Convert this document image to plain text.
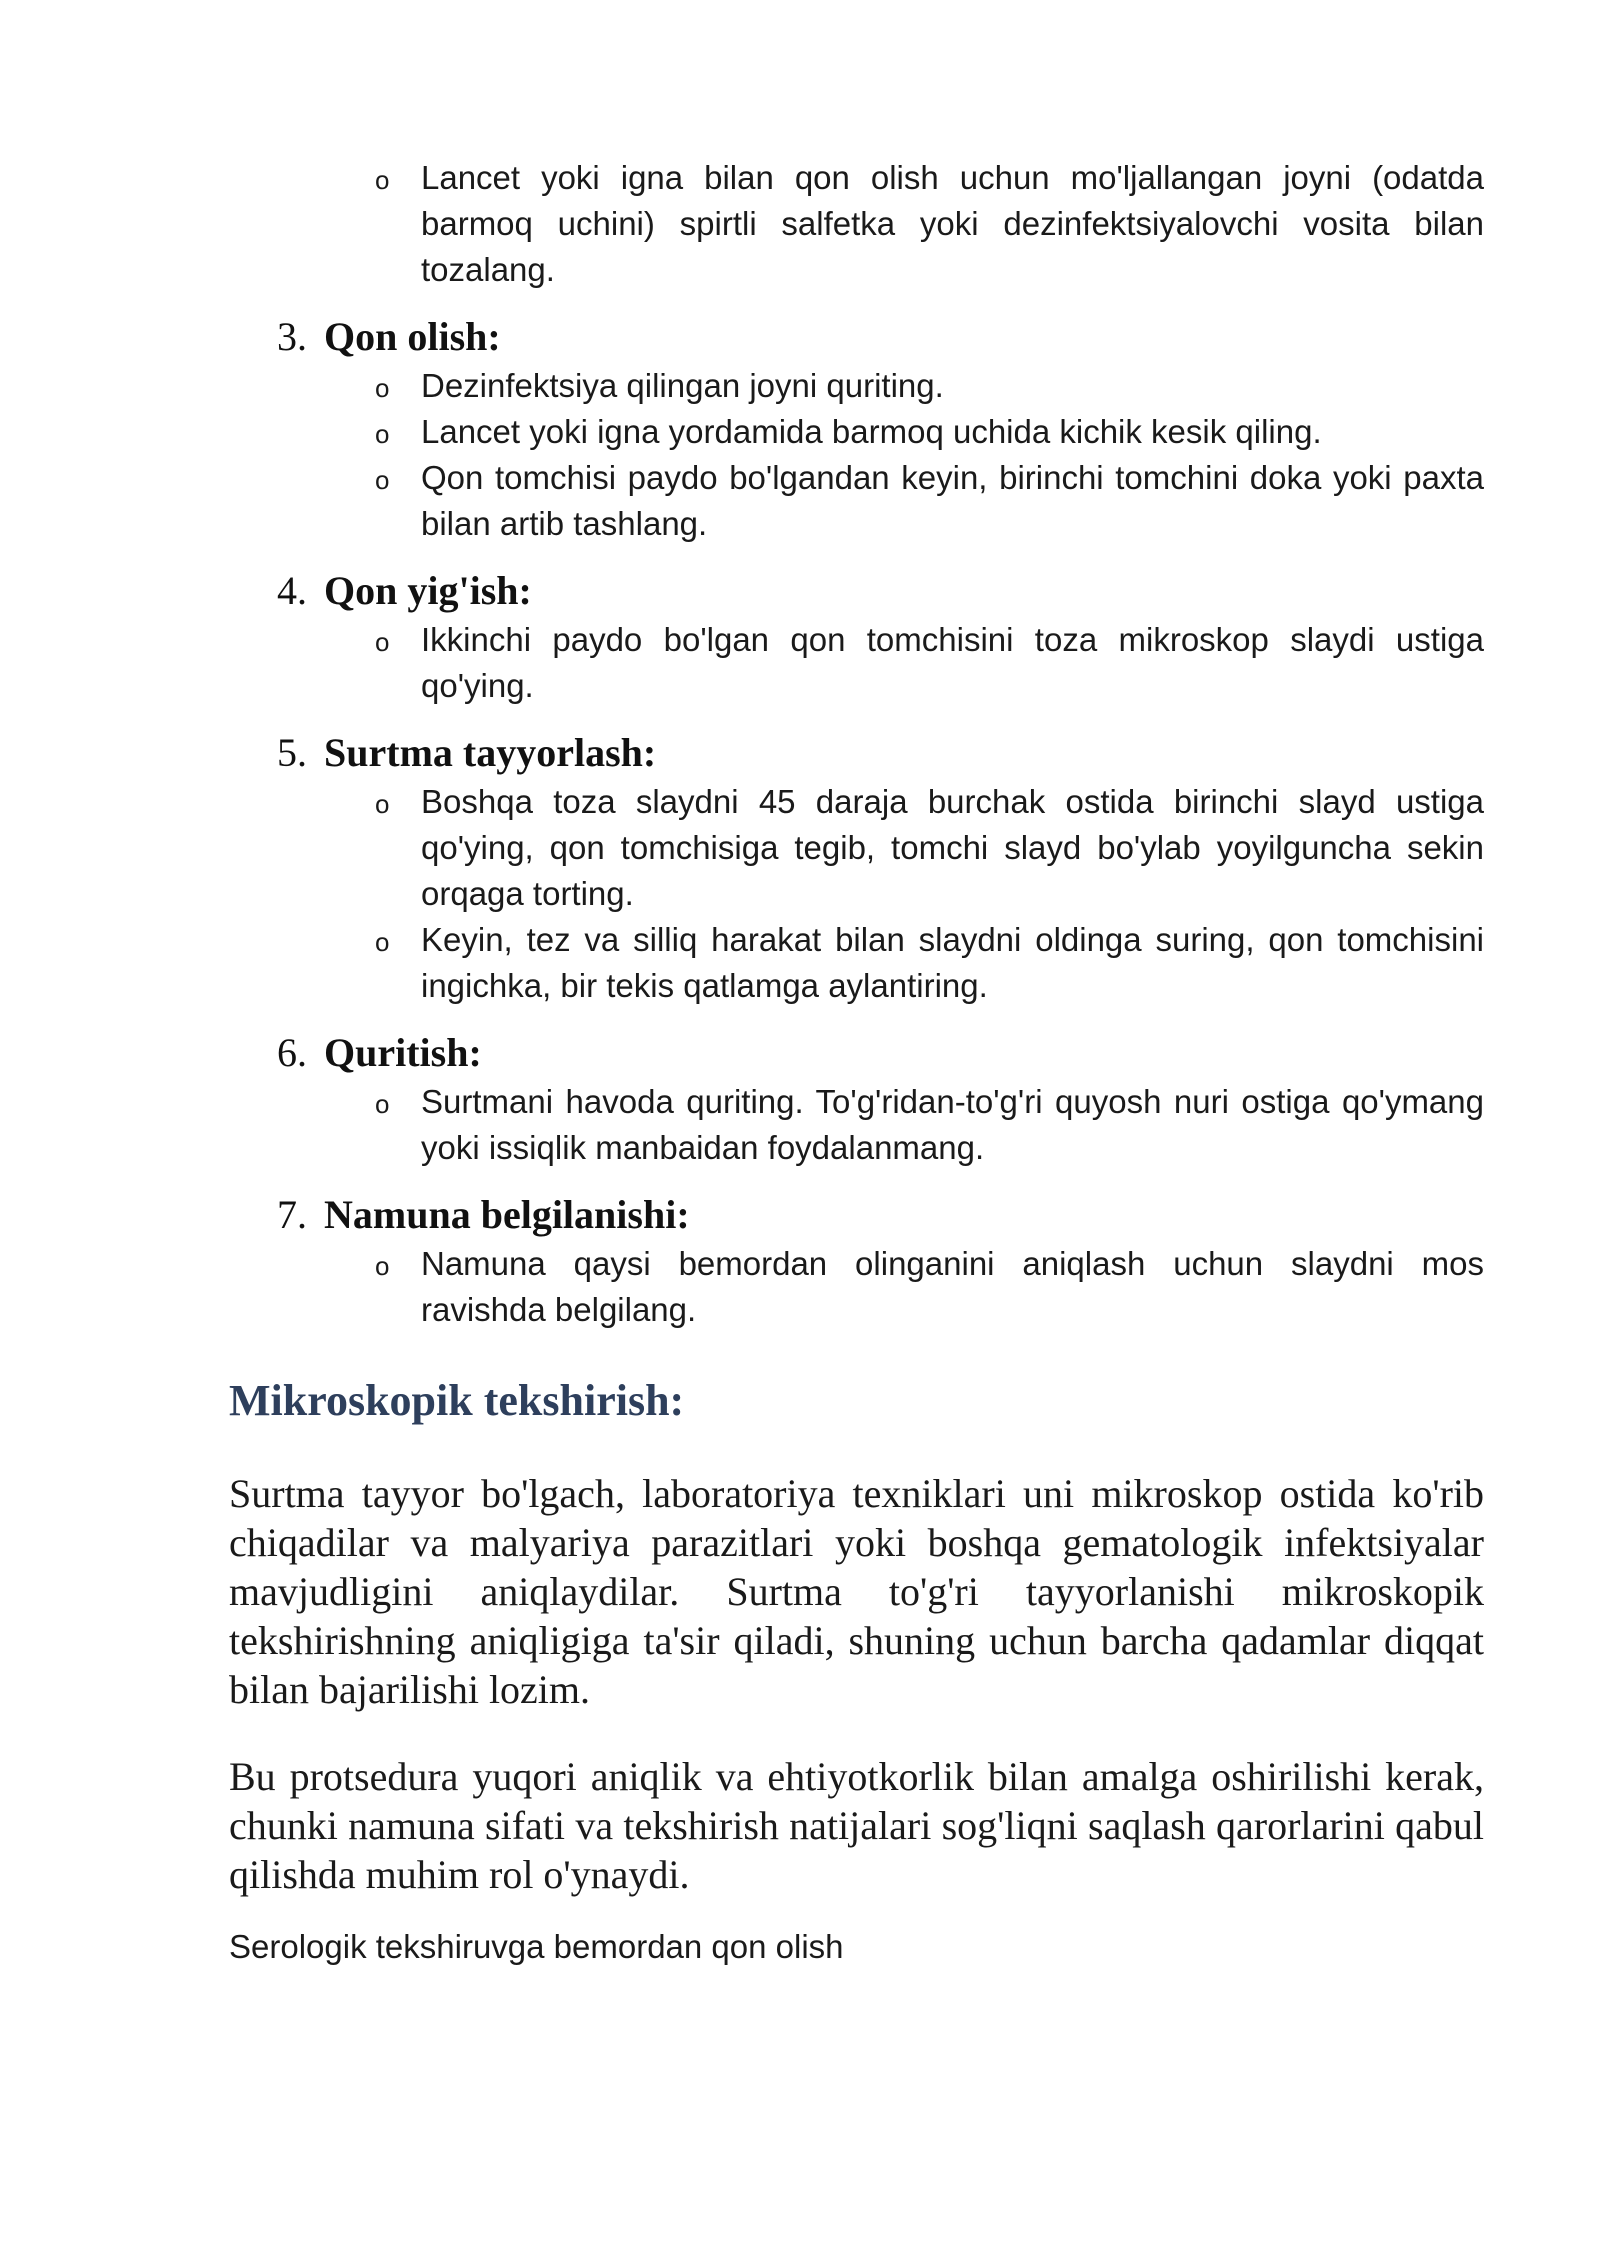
o Lancet yoki igna bilan qon olish uchun mo'ljallangan joyni (odatda barmoq uchini) spirtli salfetka yoki dezinfektsiyalovchi vosita bilan tozalang.
3. Qon olish:
o Dezinfektsiya qilingan joyni quriting.
o Lancet yoki igna yordamida barmoq uchida kichik kesik qiling.
o Qon tomchisi paydo bo'lgandan keyin, birinchi tomchini doka yoki paxta bilan artib tashlang.
4. Qon yig'ish:
o Ikkinchi paydo bo'lgan qon tomchisini toza mikroskop slaydi ustiga qo'ying.
5. Surtma tayyorlash:
o Boshqa toza slaydni 45 daraja burchak ostida birinchi slayd ustiga qo'ying, qon tomchisiga tegib, tomchi slayd bo'ylab yoyilguncha sekin orqaga torting.
o Keyin, tez va silliq harakat bilan slaydni oldinga suring, qon tomchisini ingichka, bir tekis qatlamga aylantiring.
6. Quritish:
o Surtmani havoda quriting. To'g'ridan-to'g'ri quyosh nuri ostiga qo'ymang yoki issiqlik manbaidan foydalanmang.
7. Namuna belgilanishi:
o Namuna qaysi bemordan olinganini aniqlash uchun slaydni mos ravishda belgilang.
Mikroskopik tekshirish:

Surtma tayyor bo'lgach, laboratoriya texniklari uni mikroskop ostida ko'rib chiqadilar va malyariya parazitlari yoki boshqa gematologik infektsiyalar mavjudligini aniqlaydilar. Surtma to'g'ri tayyorlanishi mikroskopik tekshirishning aniqligiga ta'sir qiladi, shuning uchun barcha qadamlar diqqat bilan bajarilishi lozim.

Bu protsedura yuqori aniqlik va ehtiyotkorlik bilan amalga oshirilishi kerak, chunki namuna sifati va tekshirish natijalari sog'liqni saqlash qarorlarini qabul qilishda muhim rol o'ynaydi.

Serologik tekshiruvga bemordan qon olish
